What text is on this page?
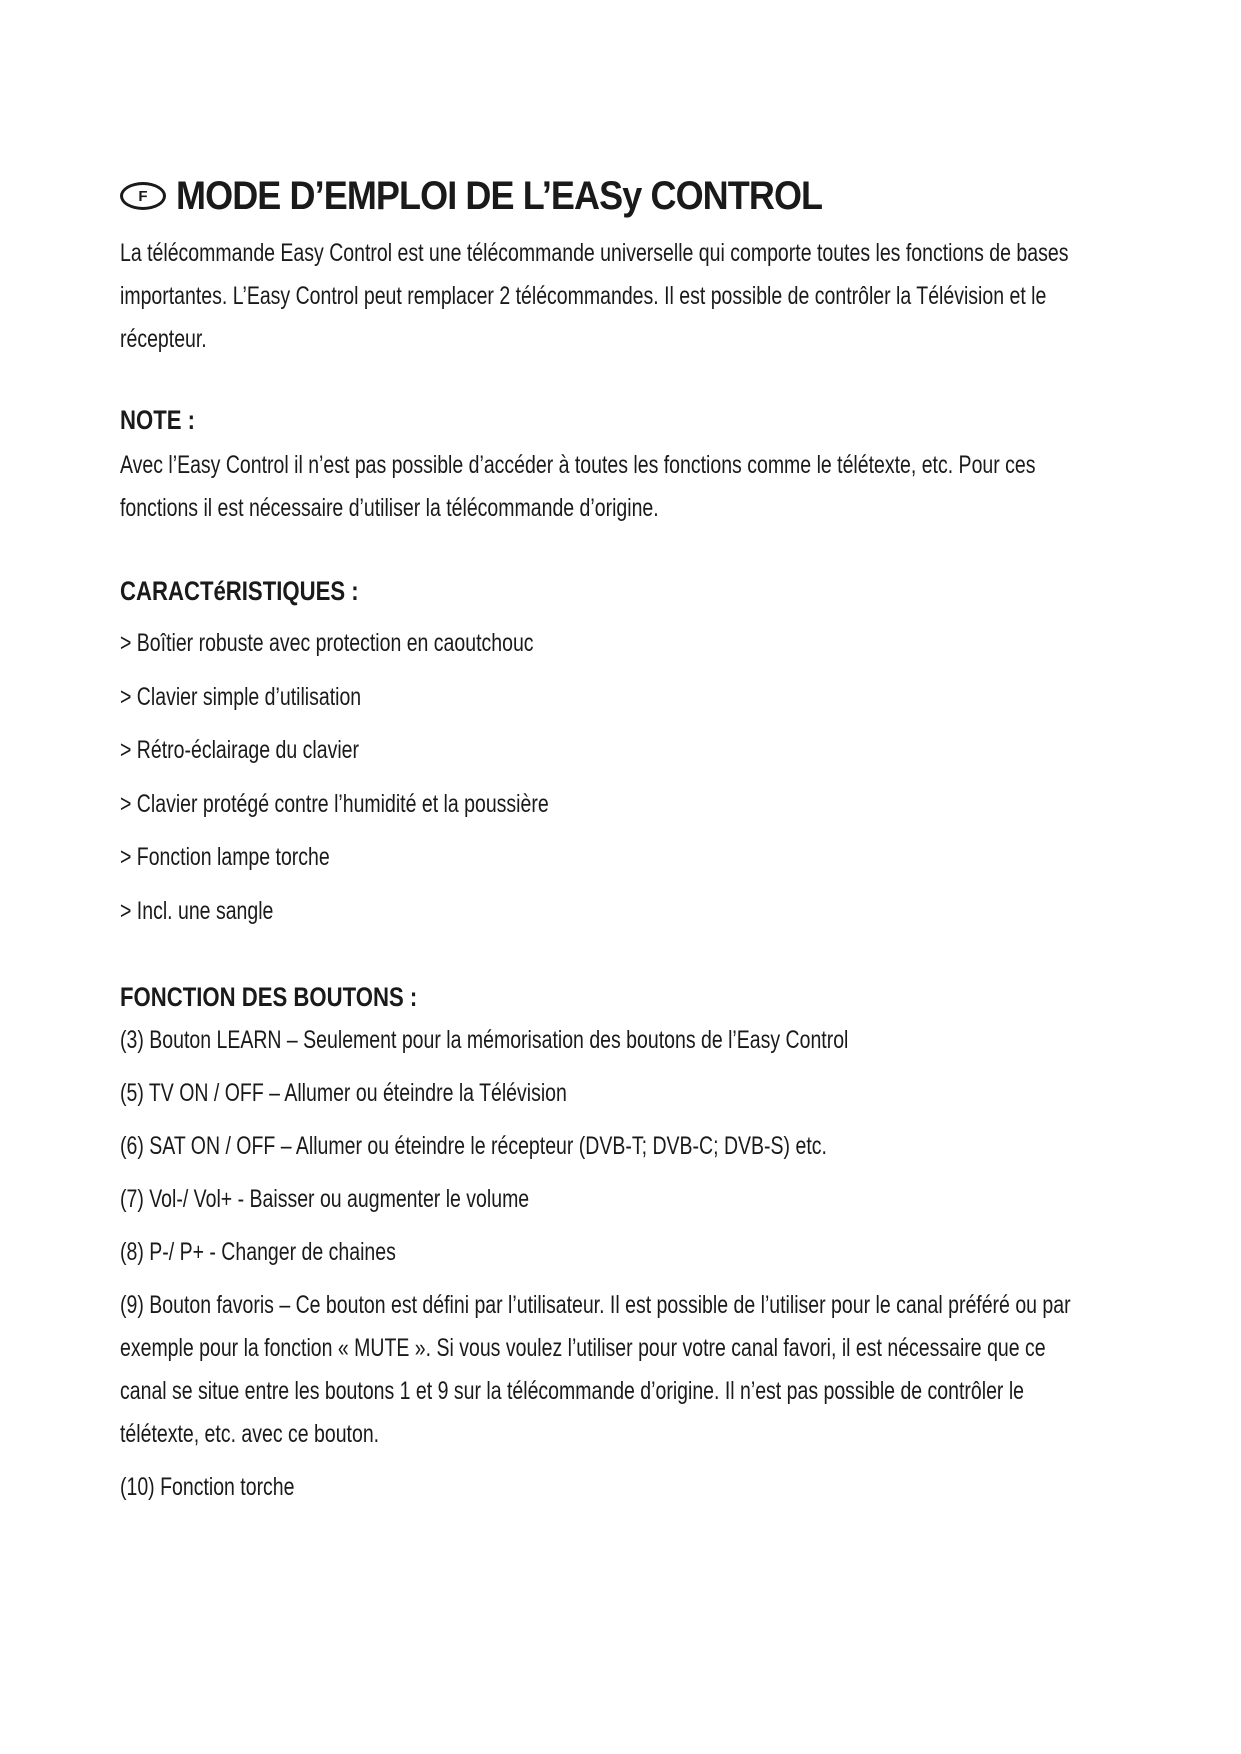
F MODE D’EMPLOI DE L’EASy CONTROL

La télécommande Easy Control est une télécommande universelle qui comporte toutes les fonctions de bases importantes. L’Easy Control peut remplacer 2 télécommandes. Il est possible de contrôler la Télévision et le récepteur.

NOTE :

Avec l’Easy Control il n’est pas possible d’accéder à toutes les fonctions comme le télétexte, etc. Pour ces fonctions il est nécessaire d’utiliser la télécommande d’origine.

CARACTéRISTIQUES :
> Boîtier robuste avec protection en caoutchouc
> Clavier simple d’utilisation
> Rétro-éclairage du clavier
> Clavier protégé contre l’humidité et la poussière
> Fonction lampe torche
> Incl. une sangle
FONCTION DES BOUTONS :
(3) Bouton LEARN – Seulement pour la mémorisation des boutons de l’Easy Control
(5) TV ON / OFF – Allumer ou éteindre la Télévision
(6) SAT ON / OFF – Allumer ou éteindre le récepteur (DVB-T; DVB-C; DVB-S) etc.
(7) Vol-/ Vol+ - Baisser ou augmenter le volume
(8) P-/ P+ - Changer de chaines
(9) Bouton favoris – Ce bouton est défini par l’utilisateur. Il est possible de l’utiliser pour le canal préféré ou par exemple pour la fonction « MUTE ». Si vous voulez l’utiliser pour votre canal favori, il est nécessaire que ce canal se situe entre les boutons 1 et 9 sur la télécommande d’origine. Il n’est pas possible de contrôler le télétexte, etc. avec ce bouton.
(10) Fonction torche
